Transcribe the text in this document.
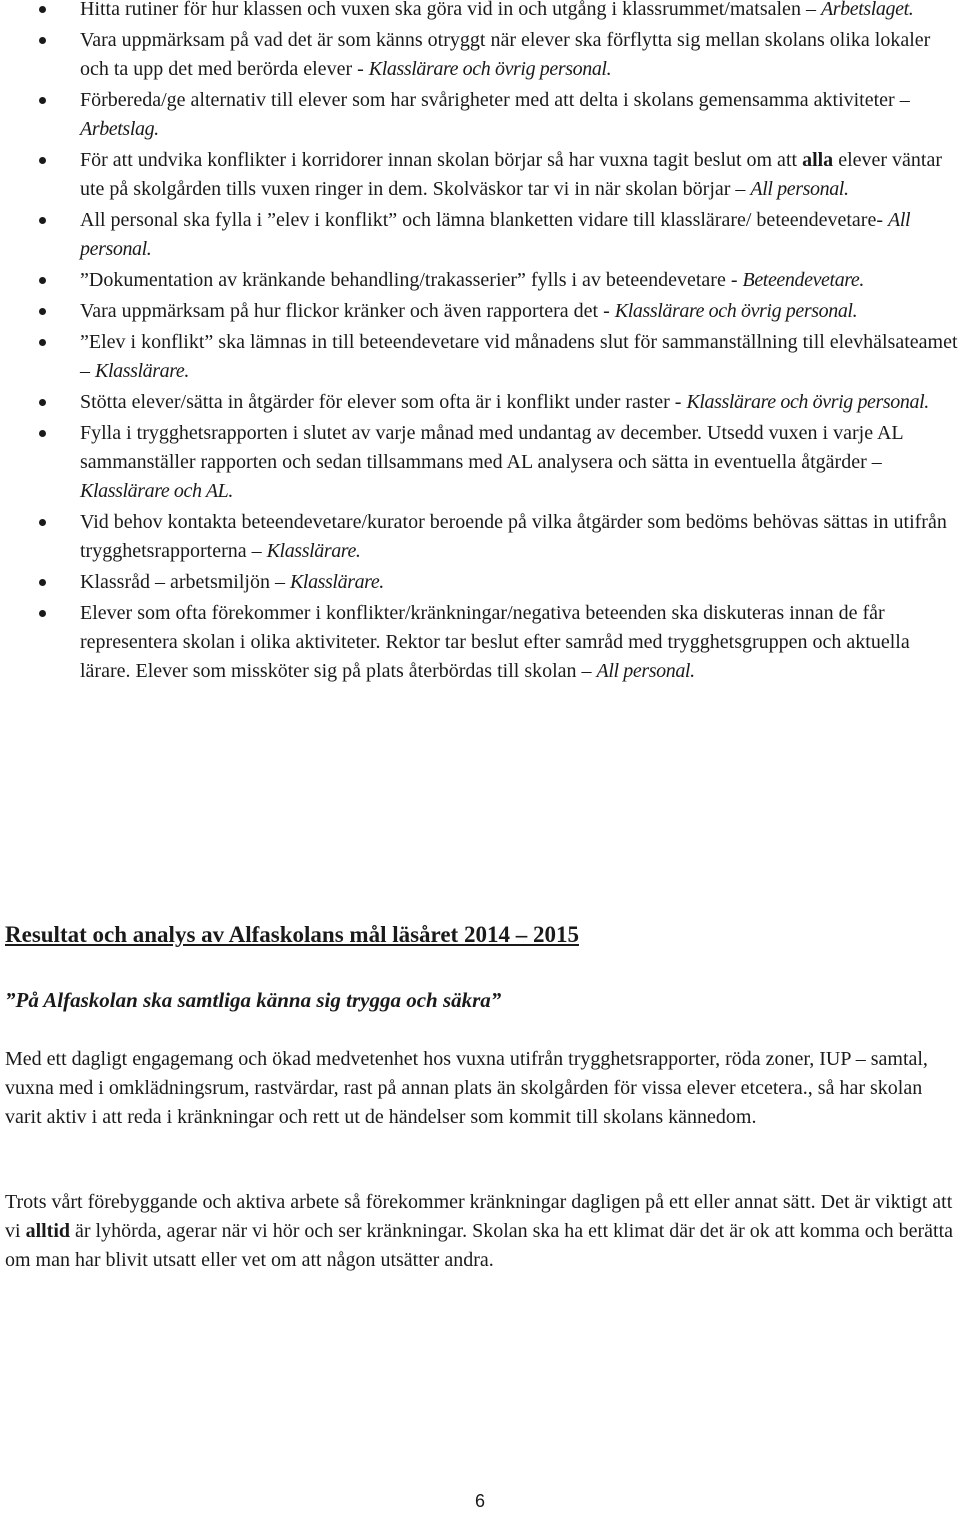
Hitta rutiner för hur klassen och vuxen ska göra vid in och utgång i klassrummet/matsalen – Arbetslaget.
Vara uppmärksam på vad det är som känns otryggt när elever ska förflytta sig mellan skolans olika lokaler och ta upp det med berörda elever - Klasslärare och övrig personal.
Förbereda/ge alternativ till elever som har svårigheter med att delta i skolans gemensamma aktiviteter – Arbetslag.
För att undvika konflikter i korridorer innan skolan börjar så har vuxna tagit beslut om att alla elever väntar ute på skolgården tills vuxen ringer in dem. Skolväskor tar vi in när skolan börjar – All personal.
All personal ska fylla i ”elev i konflikt” och lämna blanketten vidare till klasslärare/ beteendevetare- All personal.
”Dokumentation av kränkande behandling/trakasserier” fylls i av beteendevetare - Beteendevetare.
Vara uppmärksam på hur flickor kränker och även rapportera det - Klasslärare och övrig personal.
”Elev i konflikt” ska lämnas in till beteendevetare vid månadens slut för sammanställning till elevhälsateamet – Klasslärare.
Stötta elever/sätta in åtgärder för elever som ofta är i konflikt under raster - Klasslärare och övrig personal.
Fylla i trygghetsrapporten i slutet av varje månad med undantag av december. Utsedd vuxen i varje AL sammanställer rapporten och sedan tillsammans med AL analysera och sätta in eventuella åtgärder – Klasslärare och AL.
Vid behov kontakta beteendevetare/kurator beroende på vilka åtgärder som bedöms behövas sättas in utifrån trygghetsrapporterna – Klasslärare.
Klassråd – arbetsmiljön – Klasslärare.
Elever som ofta förekommer i konflikter/kränkningar/negativa beteenden ska diskuteras innan de får representera skolan i olika aktiviteter. Rektor tar beslut efter samråd med trygghetsgruppen och aktuella lärare. Elever som missköter sig på plats återbördas till skolan – All personal.
Resultat och analys av Alfaskolans mål läsåret 2014 – 2015
”På Alfaskolan ska samtliga känna sig trygga och säkra”

Med ett dagligt engagemang och ökad medvetenhet hos vuxna utifrån trygghetsrapporter, röda zoner, IUP – samtal, vuxna med i omklädningsrum, rastvärdar, rast på annan plats än skolgården för vissa elever etcetera., så har skolan varit aktiv i att reda i kränkningar och rett ut de händelser som kommit till skolans kännedom.

Trots vårt förebyggande och aktiva arbete så förekommer kränkningar dagligen på ett eller annat sätt. Det är viktigt att vi alltid är lyhörda, agerar när vi hör och ser kränkningar. Skolan ska ha ett klimat där det är ok att komma och berätta om man har blivit utsatt eller vet om att någon utsätter andra.

6
